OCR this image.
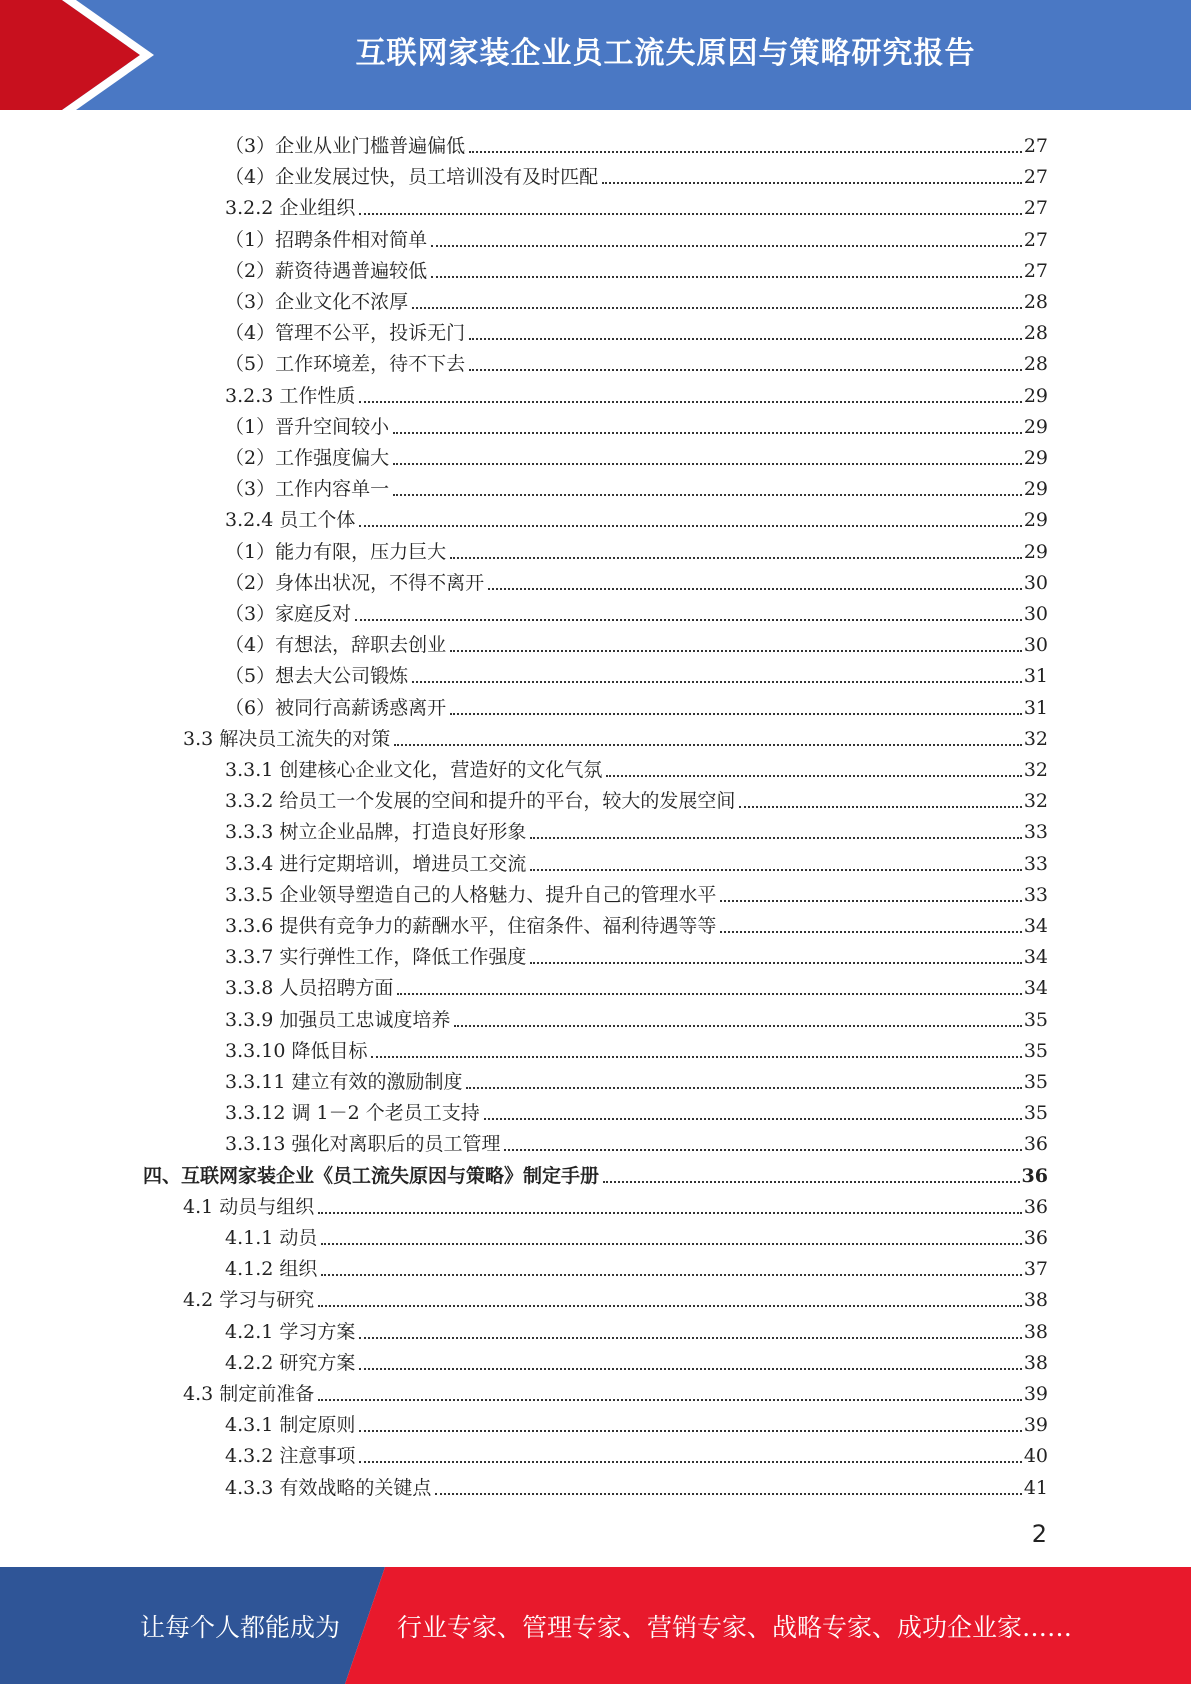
互联网家装企业员工流失原因与策略研究报告
（3）企业从业门槛普遍偏低	27
（4）企业发展过快，员工培训没有及时匹配	27
3.2.2 企业组织	27
（1）招聘条件相对简单	27
（2）薪资待遇普遍较低	27
（3）企业文化不浓厚	28
（4）管理不公平，投诉无门	28
（5）工作环境差，待不下去	28
3.2.3 工作性质	29
（1）晋升空间较小	29
（2）工作强度偏大	29
（3）工作内容单一	29
3.2.4 员工个体	29
（1）能力有限，压力巨大	29
（2）身体出状况，不得不离开	30
（3）家庭反对	30
（4）有想法，辞职去创业	30
（5）想去大公司锻炼	31
（6）被同行高薪诱惑离开	31
3.3 解决员工流失的对策	32
3.3.1 创建核心企业文化，营造好的文化气氛	32
3.3.2 给员工一个发展的空间和提升的平台，较大的发展空间	32
3.3.3 树立企业品牌，打造良好形象	33
3.3.4 进行定期培训，增进员工交流	33
3.3.5 企业领导塑造自己的人格魅力、提升自己的管理水平	33
3.3.6 提供有竞争力的薪酬水平，住宿条件、福利待遇等等	34
3.3.7 实行弹性工作，降低工作强度	34
3.3.8 人员招聘方面	34
3.3.9 加强员工忠诚度培养	35
3.3.10 降低目标	35
3.3.11 建立有效的激励制度	35
3.3.12 调 1－2 个老员工支持	35
3.3.13 强化对离职后的员工管理	36
四、互联网家装企业《员工流失原因与策略》制定手册	36
4.1 动员与组织	36
4.1.1 动员	36
4.1.2 组织	37
4.2 学习与研究	38
4.2.1 学习方案	38
4.2.2 研究方案	38
4.3 制定前准备	39
4.3.1 制定原则	39
4.3.2 注意事项	40
4.3.3 有效战略的关键点	41
2
让每个人都能成为 行业专家、管理专家、营销专家、战略专家、成功企业家……
